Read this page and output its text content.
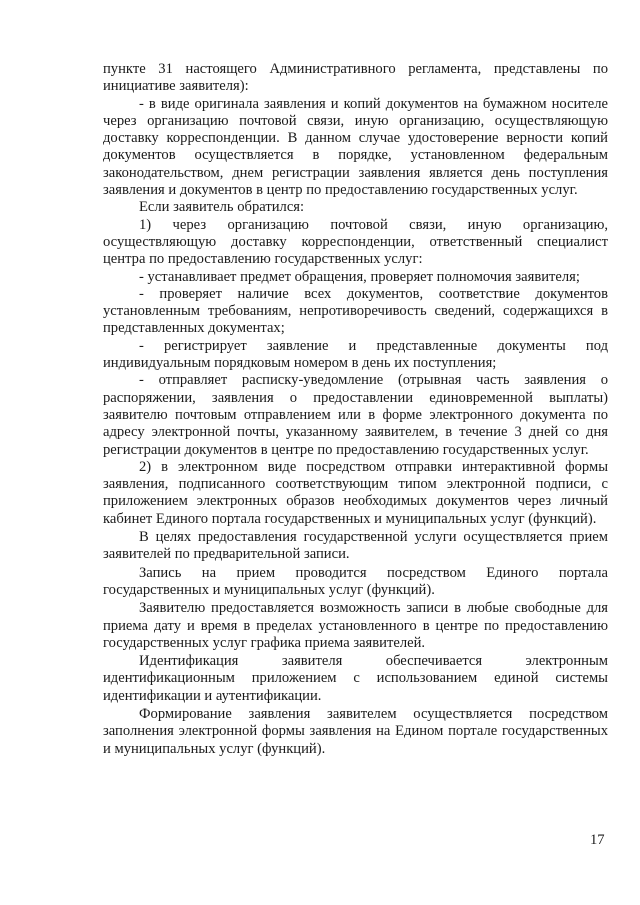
пункте 31 настоящего Административного регламента, представлены по инициативе заявителя):

- в виде оригинала заявления и копий документов на бумажном носителе через организацию почтовой связи, иную организацию, осуществляющую доставку корреспонденции. В данном случае удостоверение верности копий документов осуществляется в порядке, установленном федеральным законодательством, днем регистрации заявления является день поступления заявления и документов в центр по предоставлению государственных услуг.

Если заявитель обратился:

1) через организацию почтовой связи, иную организацию, осуществляющую доставку корреспонденции, ответственный специалист центра по предоставлению государственных услуг:

- устанавливает предмет обращения, проверяет полномочия заявителя;

- проверяет наличие всех документов, соответствие документов установленным требованиям, непротиворечивость сведений, содержащихся в представленных документах;

- регистрирует заявление и представленные документы под индивидуальным порядковым номером в день их поступления;

- отправляет расписку-уведомление (отрывная часть заявления о распоряжении, заявления о предоставлении единовременной выплаты) заявителю почтовым отправлением или в форме электронного документа по адресу электронной почты, указанному заявителем, в течение 3 дней со дня регистрации документов в центре по предоставлению государственных услуг.

2) в электронном виде посредством отправки интерактивной формы заявления, подписанного соответствующим типом электронной подписи, с приложением электронных образов необходимых документов через личный кабинет Единого портала государственных и муниципальных услуг (функций).

В целях предоставления государственной услуги осуществляется прием заявителей по предварительной записи.

Запись на прием проводится посредством Единого портала государственных и муниципальных услуг (функций).

Заявителю предоставляется возможность записи в любые свободные для приема дату и время в пределах установленного в центре по предоставлению государственных услуг графика приема заявителей.

Идентификация заявителя обеспечивается электронным идентификационным приложением с использованием единой системы идентификации и аутентификации.

Формирование заявления заявителем осуществляется посредством заполнения электронной формы заявления на Едином портале государственных и муниципальных услуг (функций).

17
